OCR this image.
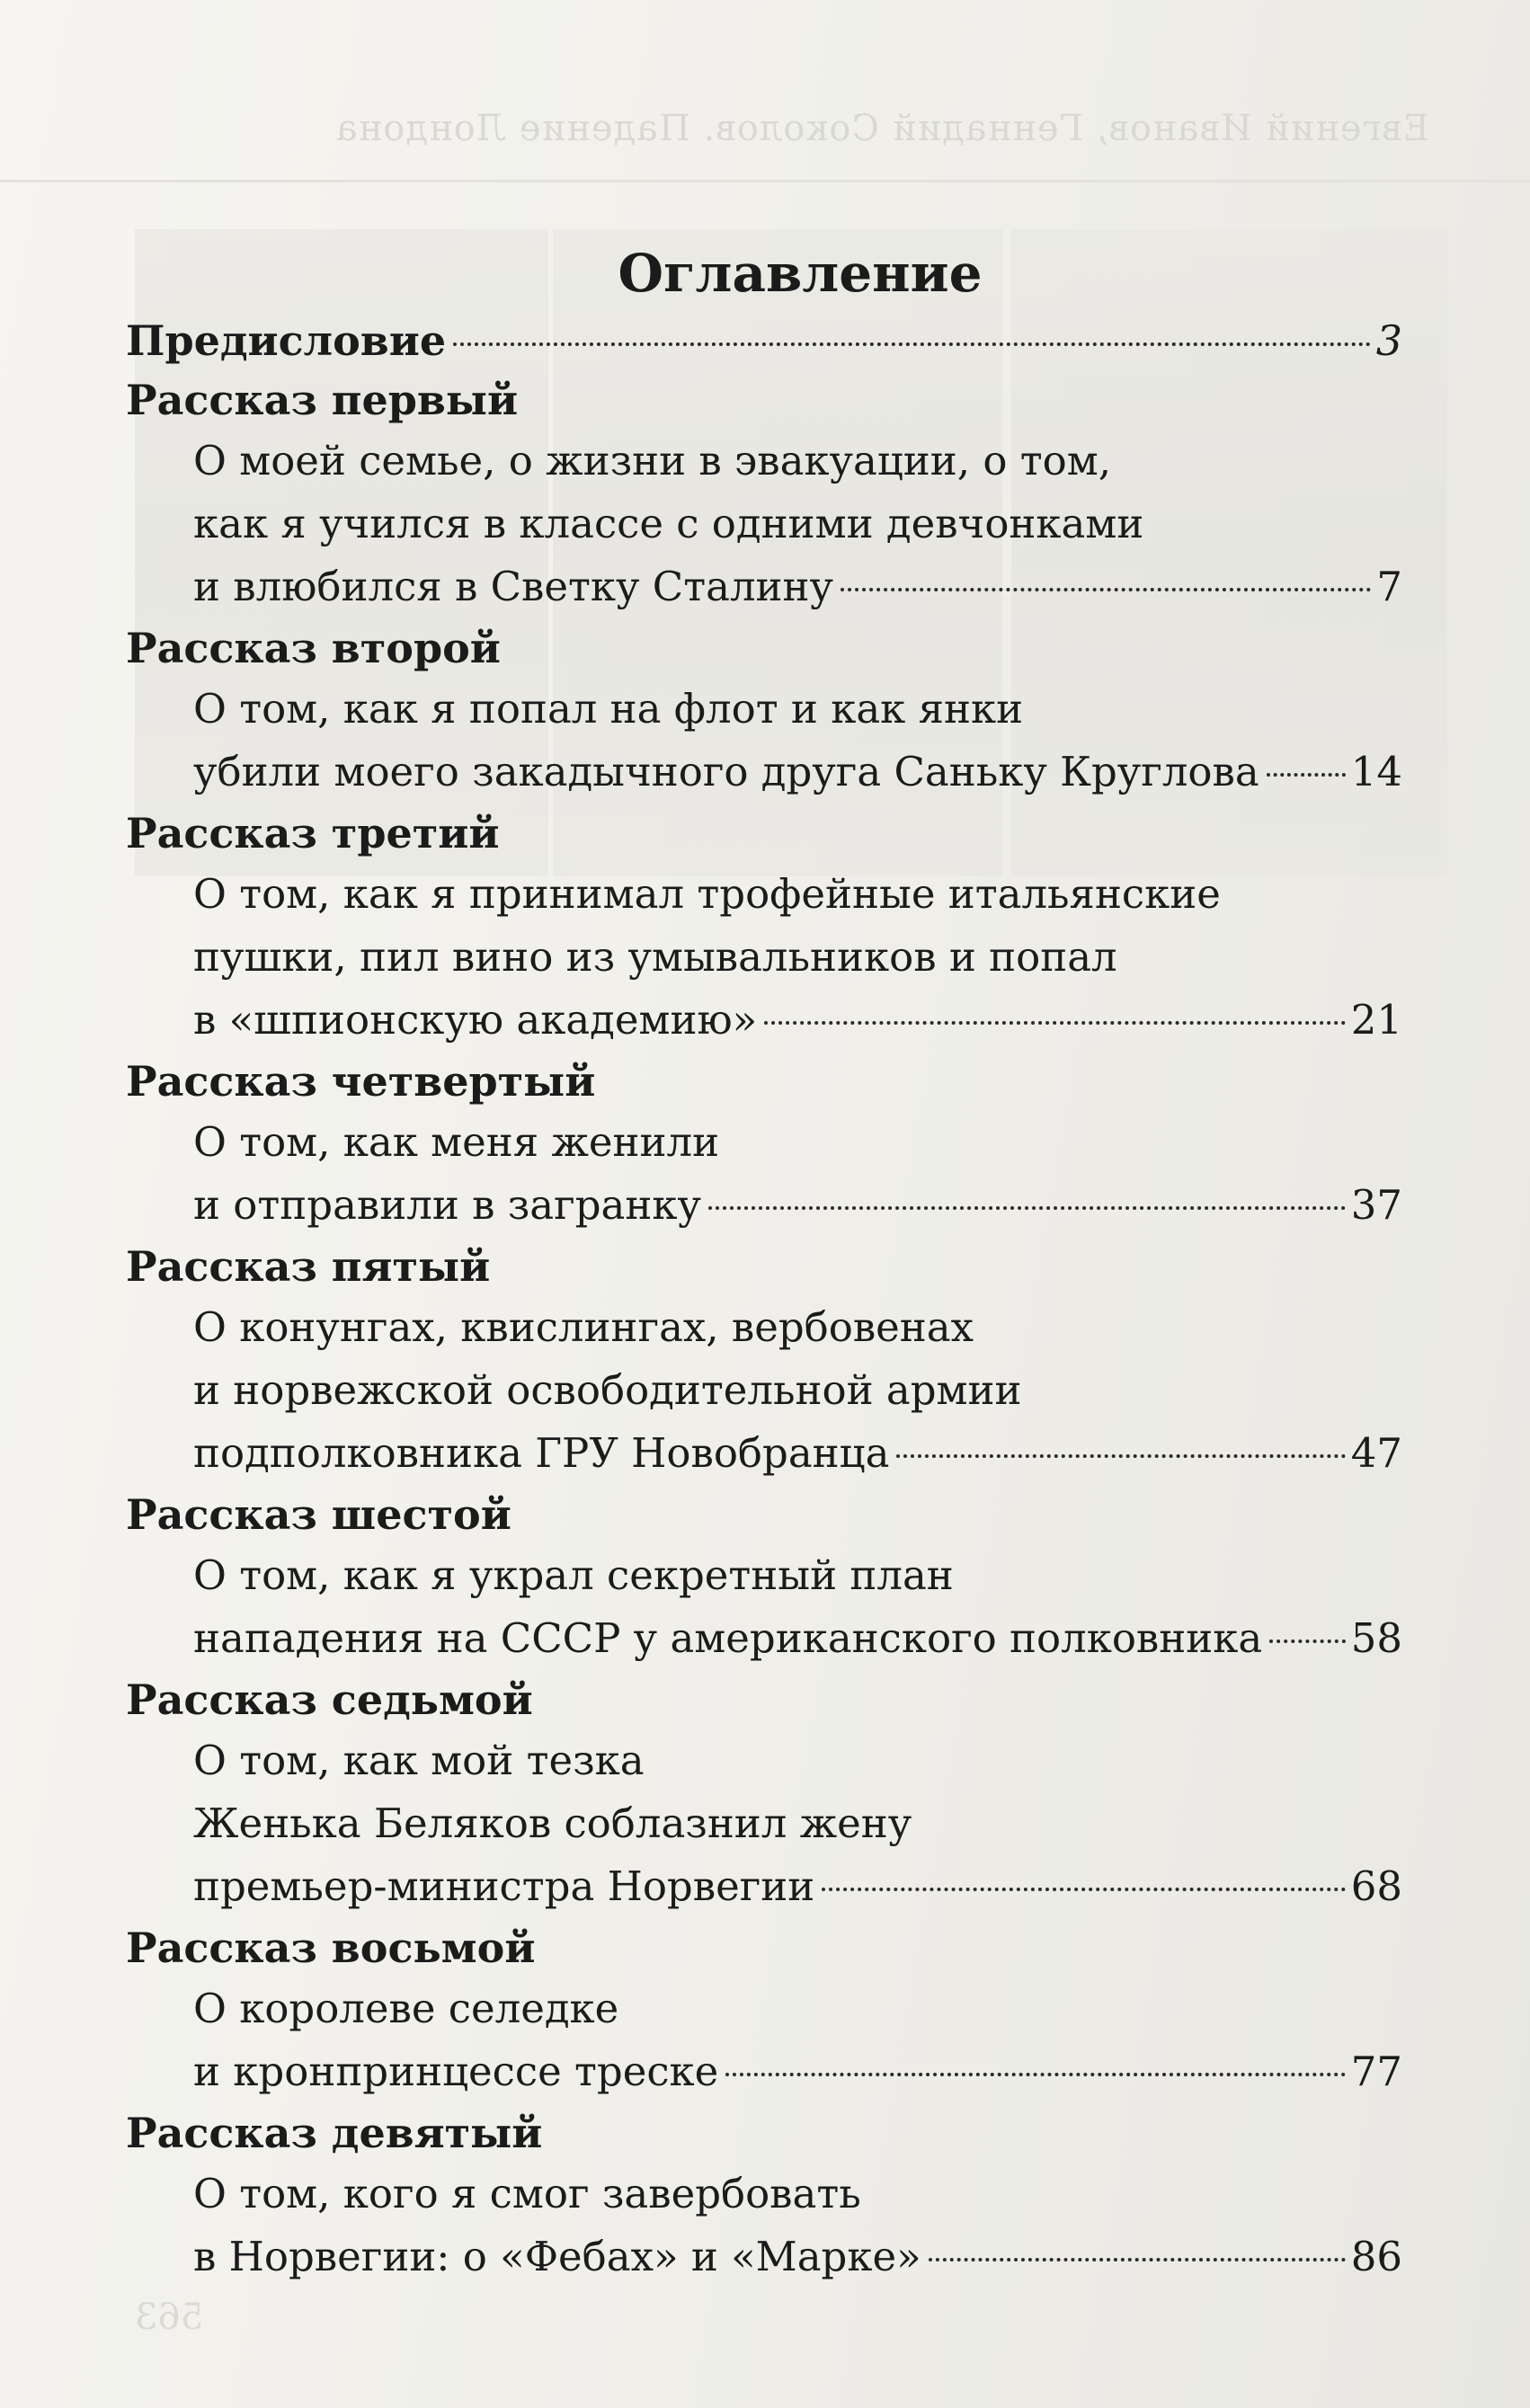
Евгений Иванов, Геннадий Соколов. Падение Лондона
563
Оглавление
Предисловие	3
Рассказ первый
О моей семье, о жизни в эвакуации, о том,
как я учился в классе с одними девчонками
и влюбился в Светку Сталину	7
Рассказ второй
О том, как я попал на флот и как янки
убили моего закадычного друга Саньку Круглова 14
Рассказ третий
О том, как я принимал трофейные итальянские
пушки, пил вино из умывальников и попал
в «шпионскую академию»	21
Рассказ четвертый
О том, как меня женили
и отправили в загранку	37
Рассказ пятый
О конунгах, квислингах, вербовенах
и норвежской освободительной армии
подполковника ГРУ Новобранца	47
Рассказ шестой
О том, как я украл секретный план
нападения на СССР у американского полковника 58
Рассказ седьмой
О том, как мой тезка
Женька Беляков соблазнил жену
премьер-министра Норвегии	68
Рассказ восьмой
О королеве селедке
и кронпринцессе треске	77
Рассказ девятый
О том, кого я смог завербовать
в Норвегии: о «Фебах» и «Марке»	86
